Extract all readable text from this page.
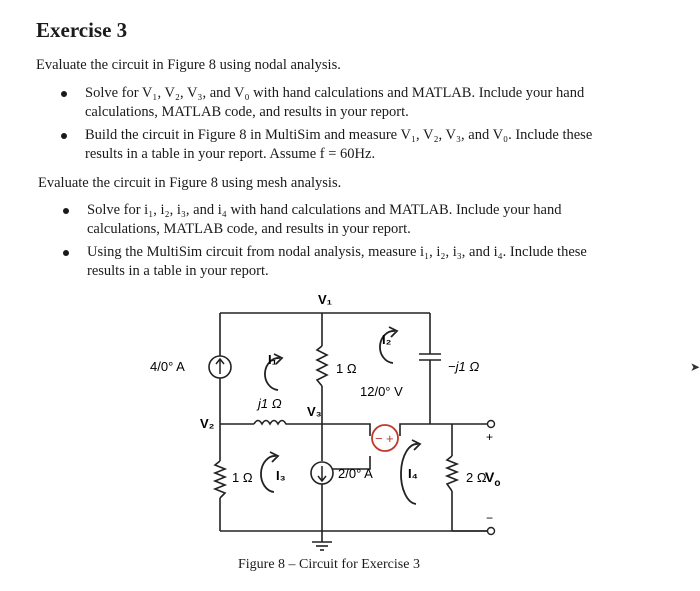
Exercise 3

Evaluate the circuit in Figure 8 using nodal analysis.

Solve for V₁, V₂, V₃, and V₀ with hand calculations and MATLAB. Include your hand
calculations, MATLAB code, and results in your report.
Build the circuit in Figure 8 in MultiSim and measure V₁, V₂, V₃, and V₀. Include these
results in a table in your report. Assume f = 60Hz.

Evaluate the circuit in Figure 8 using mesh analysis.

Solve for i₁, i₂, i₃, and i₄ with hand calculations and MATLAB. Include your hand
calculations, MATLAB code, and results in your report.
Using the MultiSim circuit from nodal analysis, measure i₁, i₂, i₃, and i₄. Include these
results in a table in your report.
V₁
V₂
V₃
4/0° A	I₁
I₂
I₃	I₄
1 Ω
1 Ω	2 Ω
j1 Ω
−j1 Ω
12/0° V
2/0° A
− +	+
−
$V_o$
Figure 8 – Circuit for Exercise 3
➤
